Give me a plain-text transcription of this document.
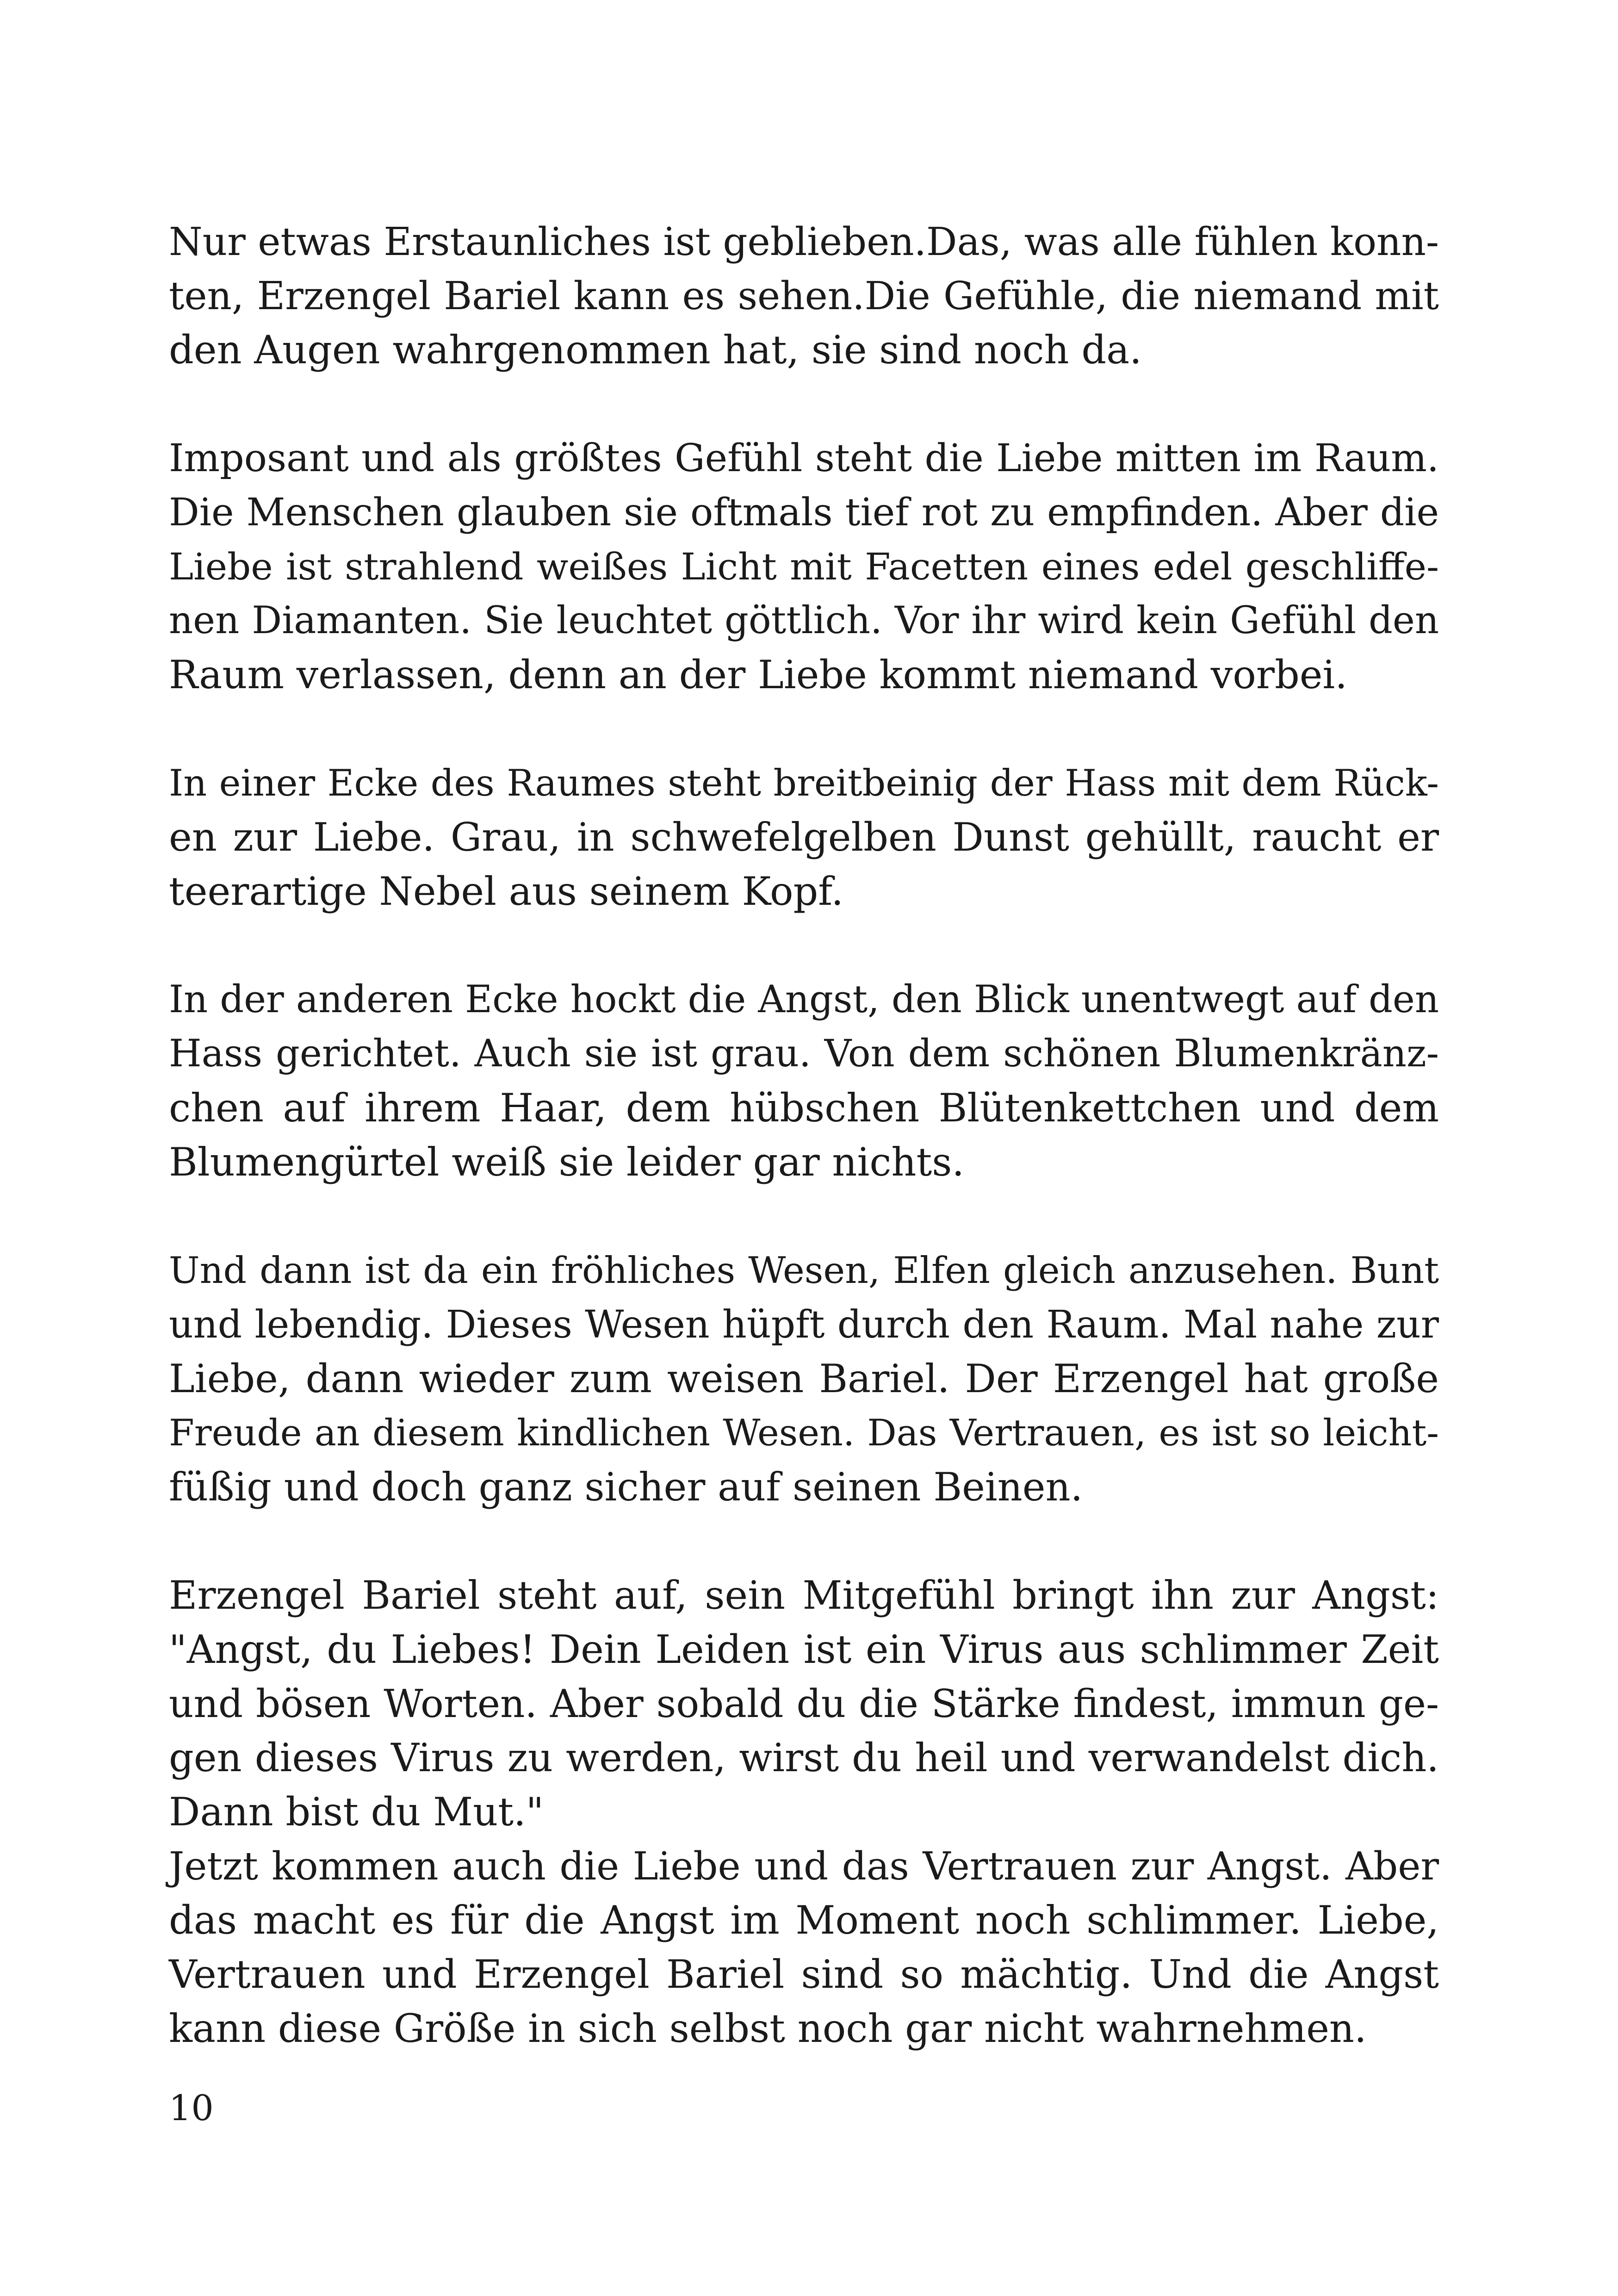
Nur etwas Erstaunliches ist geblieben.Das, was alle fühlen konn-
ten, Erzengel Bariel kann es sehen.Die Gefühle, die niemand mit
den Augen wahrgenommen hat, sie sind noch da.
Imposant und als größtes Gefühl steht die Liebe mitten im Raum.
Die Menschen glauben sie oftmals tief rot zu empfinden. Aber die
Liebe ist strahlend weißes Licht mit Facetten eines edel geschliffe-
nen Diamanten. Sie leuchtet göttlich. Vor ihr wird kein Gefühl den
Raum verlassen, denn an der Liebe kommt niemand vorbei.
In einer Ecke des Raumes steht breitbeinig der Hass mit dem Rück-
en zur Liebe. Grau, in schwefelgelben Dunst gehüllt, raucht er
teerartige Nebel aus seinem Kopf.
In der anderen Ecke hockt die Angst, den Blick unentwegt auf den
Hass gerichtet. Auch sie ist grau. Von dem schönen Blumenkränz-
chen auf ihrem Haar, dem hübschen Blütenkettchen und dem
Blumengürtel weiß sie leider gar nichts.
Und dann ist da ein fröhliches Wesen, Elfen gleich anzusehen. Bunt
und lebendig. Dieses Wesen hüpft durch den Raum. Mal nahe zur
Liebe, dann wieder zum weisen Bariel. Der Erzengel hat große
Freude an diesem kindlichen Wesen. Das Vertrauen, es ist so leicht-
füßig und doch ganz sicher auf seinen Beinen.
Erzengel Bariel steht auf, sein Mitgefühl bringt ihn zur Angst:
"Angst, du Liebes! Dein Leiden ist ein Virus aus schlimmer Zeit
und bösen Worten. Aber sobald du die Stärke findest, immun ge-
gen dieses Virus zu werden, wirst du heil und verwandelst dich.
Dann bist du Mut."
Jetzt kommen auch die Liebe und das Vertrauen zur Angst. Aber
das macht es für die Angst im Moment noch schlimmer. Liebe,
Vertrauen und Erzengel Bariel sind so mächtig. Und die Angst
kann diese Größe in sich selbst noch gar nicht wahrnehmen.
10
